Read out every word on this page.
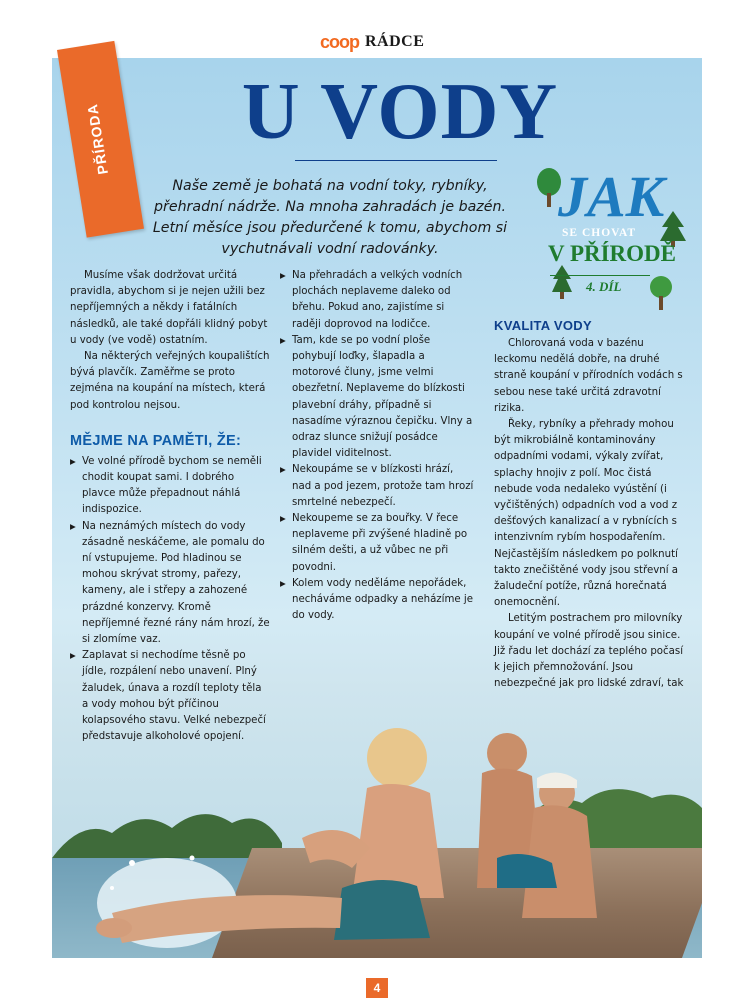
coop RÁDCE
PŘÍRODA U VODY
Naše země je bohatá na vodní toky, rybníky, přehradní nádrže. Na mnoha zahradách je bazén. Letní měsíce jsou předurčené k tomu, abychom si vychutnávali vodní radovánky.
JAK
SE CHOVAT
V PŘÍRODĚ
4. DÍL

Musíme však dodržovat určitá pravidla, abychom si je nejen užili bez nepříjemných a někdy i fatálních následků, ale také dopřáli klidný pobyt u vody (ve vodě) ostatním.

Na některých veřejných koupalištích bývá plavčík. Zaměřme se proto zejména na koupání na místech, která pod kontrolou nejsou.

MĚJME NA PAMĚTI, ŽE:
▶ Ve volné přírodě bychom se neměli chodit koupat sami. I dobrého plavce může přepadnout náhlá indispozice.
▶ Na neznámých místech do vody zásadně neskáčeme, ale pomalu do ní vstupujeme. Pod hladinou se mohou skrývat stromy, pařezy, kameny, ale i střepy a zahozené prázdné konzervy. Kromě nepříjemné řezné rány nám hrozí, že si zlomíme vaz.
▶ Zaplavat si nechodíme těsně po jídle, rozpálení nebo unavení. Plný žaludek, únava a rozdíl teploty těla a vody mohou být příčinou kolapsového stavu. Velké nebezpečí představuje alkoholové opojení.
▶ Na přehradách a velkých vodních plochách neplaveme daleko od břehu. Pokud ano, zajistíme si raději doprovod na lodičce.
▶ Tam, kde se po vodní ploše pohybují loďky, šlapadla a motorové čluny, jsme velmi obezřetní. Neplaveme do blízkosti plavební dráhy, případně si nasadíme výraznou čepičku. Vlny a odraz slunce snižují posádce plavidel viditelnost.
▶ Nekoupáme se v blízkosti hrází, nad a pod jezem, protože tam hrozí smrtelné nebezpečí.
▶ Nekoupeme se za bouřky. V řece neplaveme při zvýšené hladině po silném dešti, a už vůbec ne při povodni.
▶ Kolem vody neděláme nepořádek, necháváme odpadky a neházíme je do vody.
KVALITA VODY

Chlorovaná voda v bazénu leckomu nedělá dobře, na druhé straně koupání v přírodních vodách s sebou nese také určitá zdravotní rizika.

Řeky, rybníky a přehrady mohou být mikrobiálně kontaminovány odpadními vodami, výkaly zvířat, splachy hnojiv z polí. Moc čistá nebude voda nedaleko vyústění (i vyčištěných) odpadních vod a vod z dešťových kanalizací a v rybnících s intenzivním rybím hospodařením. Nejčastějším následkem po polknutí takto znečištěné vody jsou střevní a žaludeční potíže, různá horečnatá onemocnění.

Letitým postrachem pro milovníky koupání ve volné přírodě jsou sinice. Již řadu let dochází za teplého počasí k jejich přemnožování. Jsou nebezpečné jak pro lidské zdraví, tak

4
